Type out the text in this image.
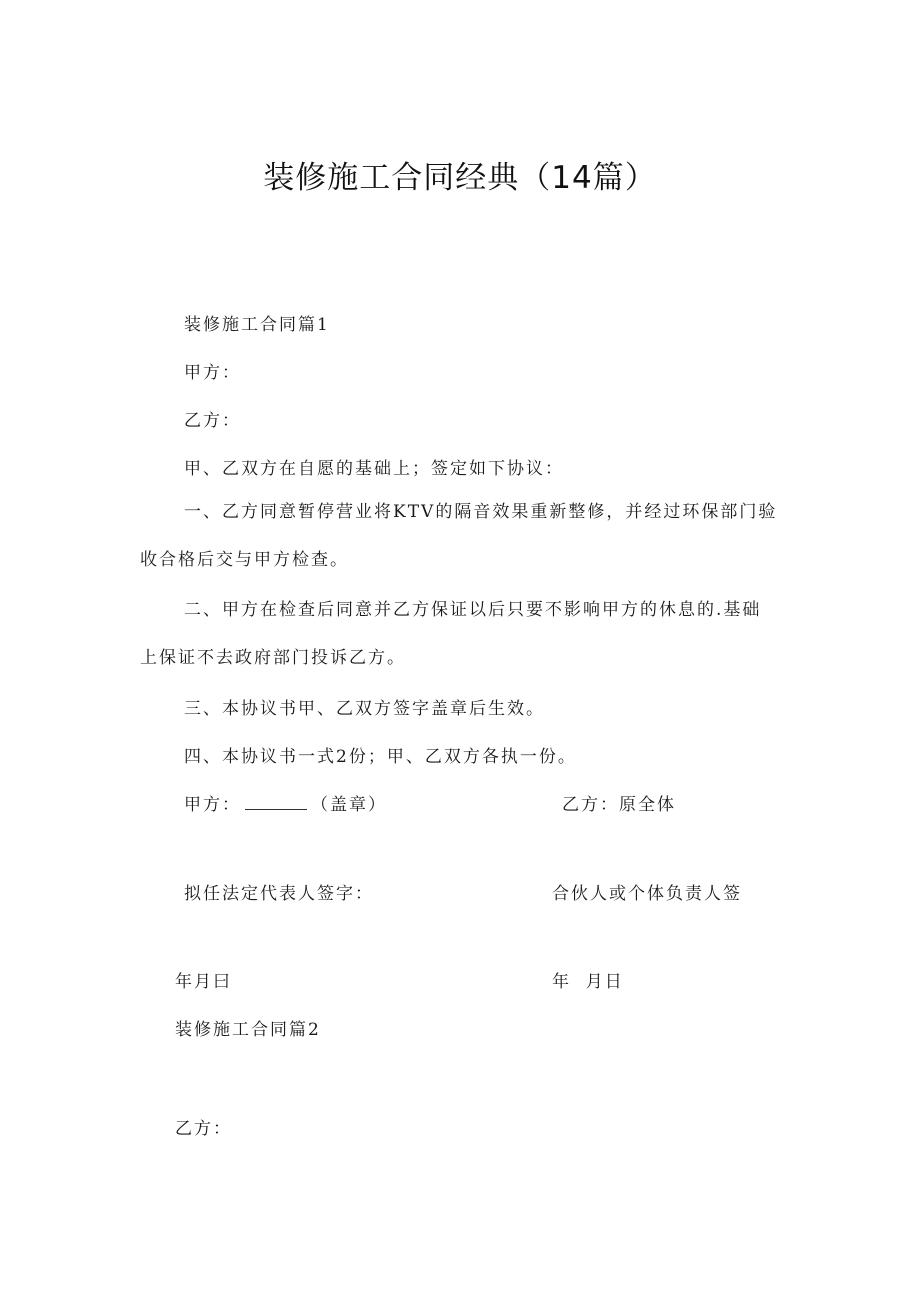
装修施工合同经典（14篇）

装修施工合同篇1

甲方：

乙方：

甲、乙双方在自愿的基础上；签定如下协议：

一、乙方同意暂停营业将KTV的隔音效果重新整修，并经过环保部门验收合格后交与甲方检查。

二、甲方在检查后同意并乙方保证以后只要不影响甲方的休息的.基础上保证不去政府部门投诉乙方。

三、本协议书甲、乙双方签字盖章后生效。

四、本协议书一式2份；甲、乙双方各执一份。

甲方：	（盖章）	乙方：原全体

拟任法定代表人签字：	合伙人或个体负责人签

年月曰	年  月日

装修施工合同篇2

乙方：
